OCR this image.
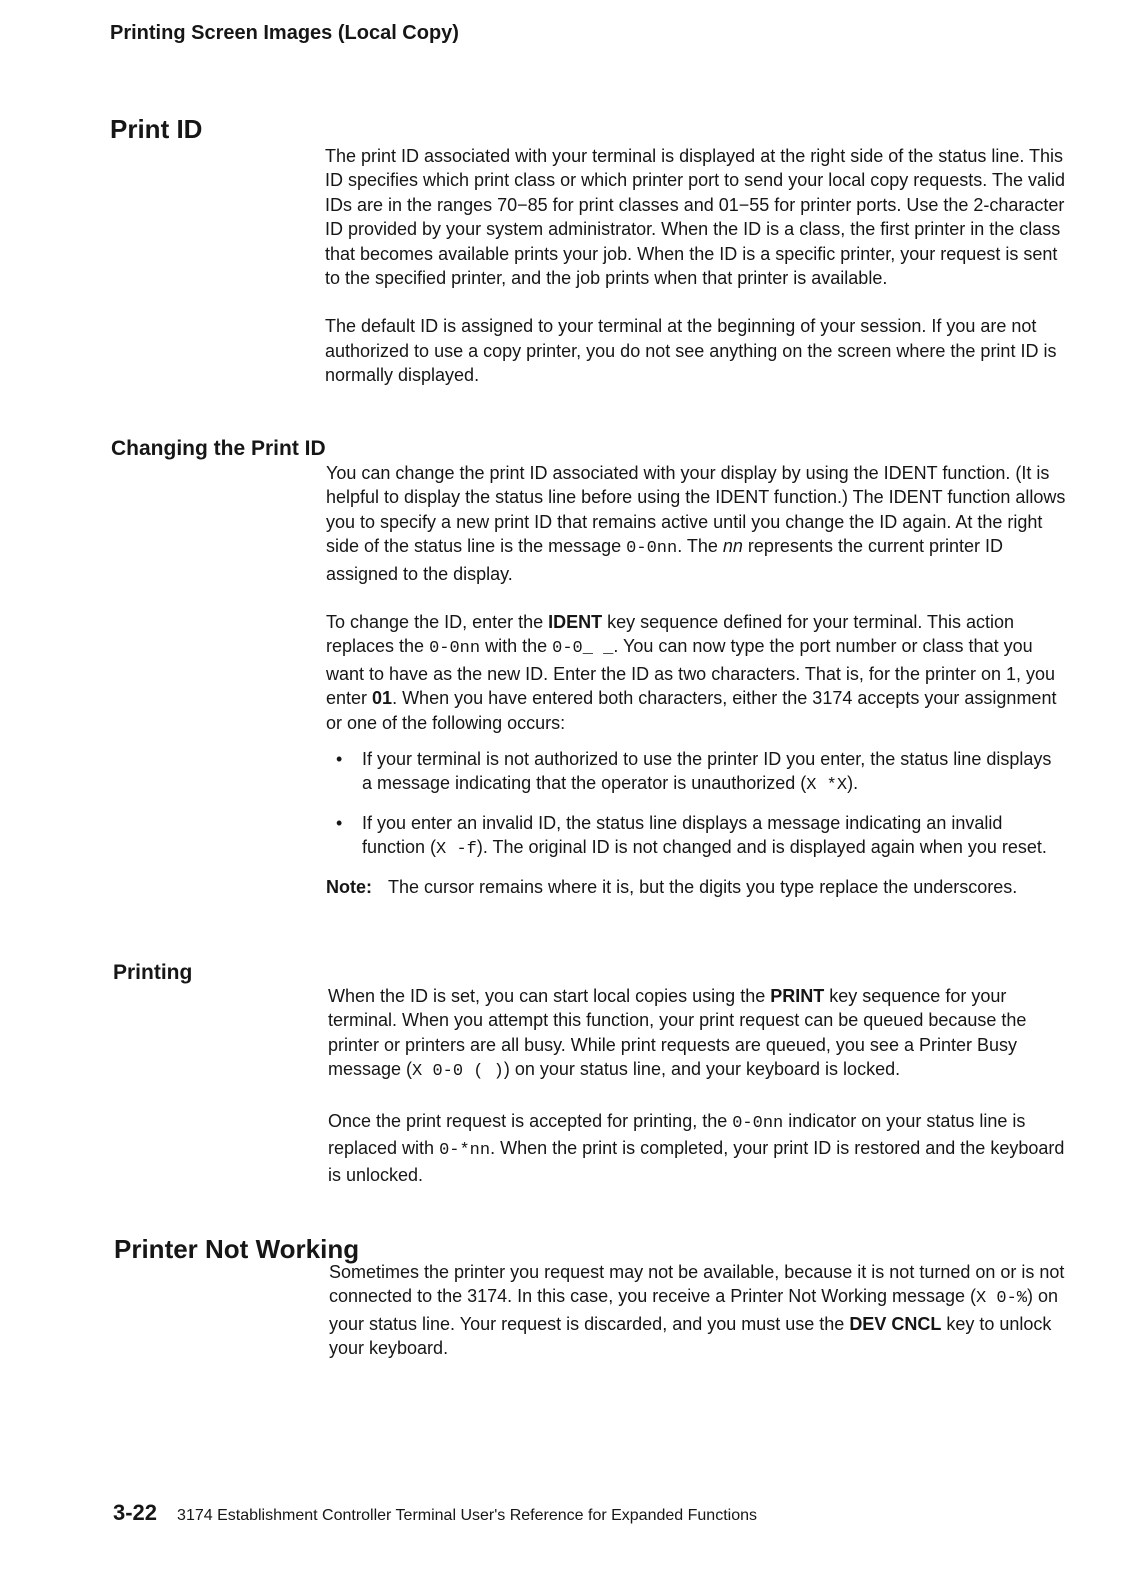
Printing Screen Images (Local Copy)
Print ID

The print ID associated with your terminal is displayed at the right side of the status line. This ID specifies which print class or which printer port to send your local copy requests. The valid IDs are in the ranges 70−85 for print classes and 01−55 for printer ports. Use the 2-character ID provided by your system administrator. When the ID is a class, the first printer in the class that becomes available prints your job. When the ID is a specific printer, your request is sent to the specified printer, and the job prints when that printer is available.

The default ID is assigned to your terminal at the beginning of your session. If you are not authorized to use a copy printer, you do not see anything on the screen where the print ID is normally displayed.

Changing the Print ID

You can change the print ID associated with your display by using the IDENT function. (It is helpful to display the status line before using the IDENT function.) The IDENT function allows you to specify a new print ID that remains active until you change the ID again. At the right side of the status line is the message 0-0nn. The nn represents the current printer ID assigned to the display.

To change the ID, enter the IDENT key sequence defined for your terminal. This action replaces the 0-0nn with the 0-0_ _. You can now type the port number or class that you want to have as the new ID. Enter the ID as two characters. That is, for the printer on 1, you enter 01. When you have entered both characters, either the 3174 accepts your assignment or one of the following occurs:

• If your terminal is not authorized to use the printer ID you enter, the status line displays a message indicating that the operator is unauthorized (X *X).
• If you enter an invalid ID, the status line displays a message indicating an invalid function (X -f). The original ID is not changed and is displayed again when you reset.
Note: The cursor remains where it is, but the digits you type replace the underscores.
Printing

When the ID is set, you can start local copies using the PRINT key sequence for your terminal. When you attempt this function, your print request can be queued because the printer or printers are all busy. While print requests are queued, you see a Printer Busy message (X 0-0 ( )) on your status line, and your keyboard is locked.

Once the print request is accepted for printing, the 0-0nn indicator on your status line is replaced with 0-*nn. When the print is completed, your print ID is restored and the keyboard is unlocked.

Printer Not Working

Sometimes the printer you request may not be available, because it is not turned on or is not connected to the 3174. In this case, you receive a Printer Not Working message (X 0-%) on your status line. Your request is discarded, and you must use the DEV CNCL key to unlock your keyboard.

3-22 3174 Establishment Controller Terminal User's Reference for Expanded Functions
